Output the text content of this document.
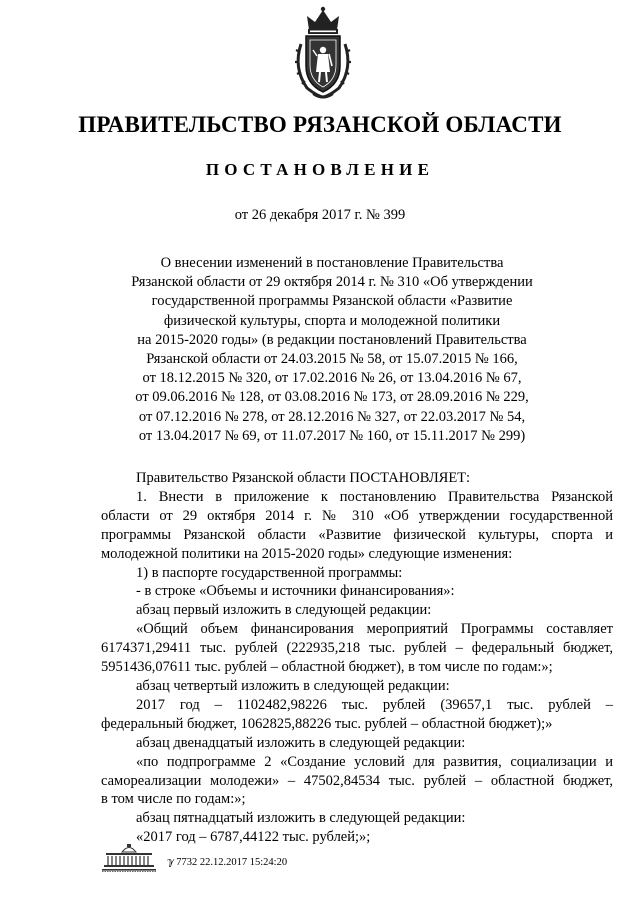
ПРАВИТЕЛЬСТВО РЯЗАНСКОЙ ОБЛАСТИ
ПОСТАНОВЛЕНИЕ
от 26 декабря 2017 г. № 399
О внесении изменений в постановление Правительства
Рязанской области от 29 октября 2014 г. № 310 «Об утверждении
государственной программы Рязанской области «Развитие
физической культуры, спорта и молодежной политики
на 2015-2020 годы» (в редакции постановлений Правительства
Рязанской области от 24.03.2015 № 58, от 15.07.2015 № 166,
от 18.12.2015 № 320, от 17.02.2016 № 26, от 13.04.2016 № 67,
от 09.06.2016 № 128, от 03.08.2016 № 173, от 28.09.2016 № 229,
от 07.12.2016 № 278, от 28.12.2016 № 327, от 22.03.2017 № 54,
от 13.04.2017 № 69, от 11.07.2017 № 160, от 15.11.2017 № 299)
Правительство Рязанской области ПОСТАНОВЛЯЕТ:
1. Внести в приложение к постановлению Правительства Рязанской
области от 29 октября 2014 г. № 310 «Об утверждении государственной
программы Рязанской области «Развитие физической культуры, спорта и
молодежной политики на 2015-2020 годы» следующие изменения:
1) в паспорте государственной программы:
- в строке «Объемы и источники финансирования»:
абзац первый изложить в следующей редакции:
«Общий объем финансирования мероприятий Программы составляет
6174371,29411 тыс. рублей (222935,218 тыс. рублей – федеральный бюджет,
5951436,07611 тыс. рублей – областной бюджет), в том числе по годам:»;
абзац четвертый изложить в следующей редакции:
2017 год – 1102482,98226 тыс. рублей (39657,1 тыс. рублей –
федеральный бюджет, 1062825,88226 тыс. рублей – областной бюджет);»
абзац двенадцатый изложить в следующей редакции:
«по подпрограмме 2 «Создание условий для развития, социализации и
самореализации молодежи» – 47502,84534 тыс. рублей – областной бюджет,
в том числе по годам:»;
абзац пятнадцатый изложить в следующей редакции:
«2017 год – 6787,44122 тыс. рублей;»;
ℽ 7732 22.12.2017 15:24:20
